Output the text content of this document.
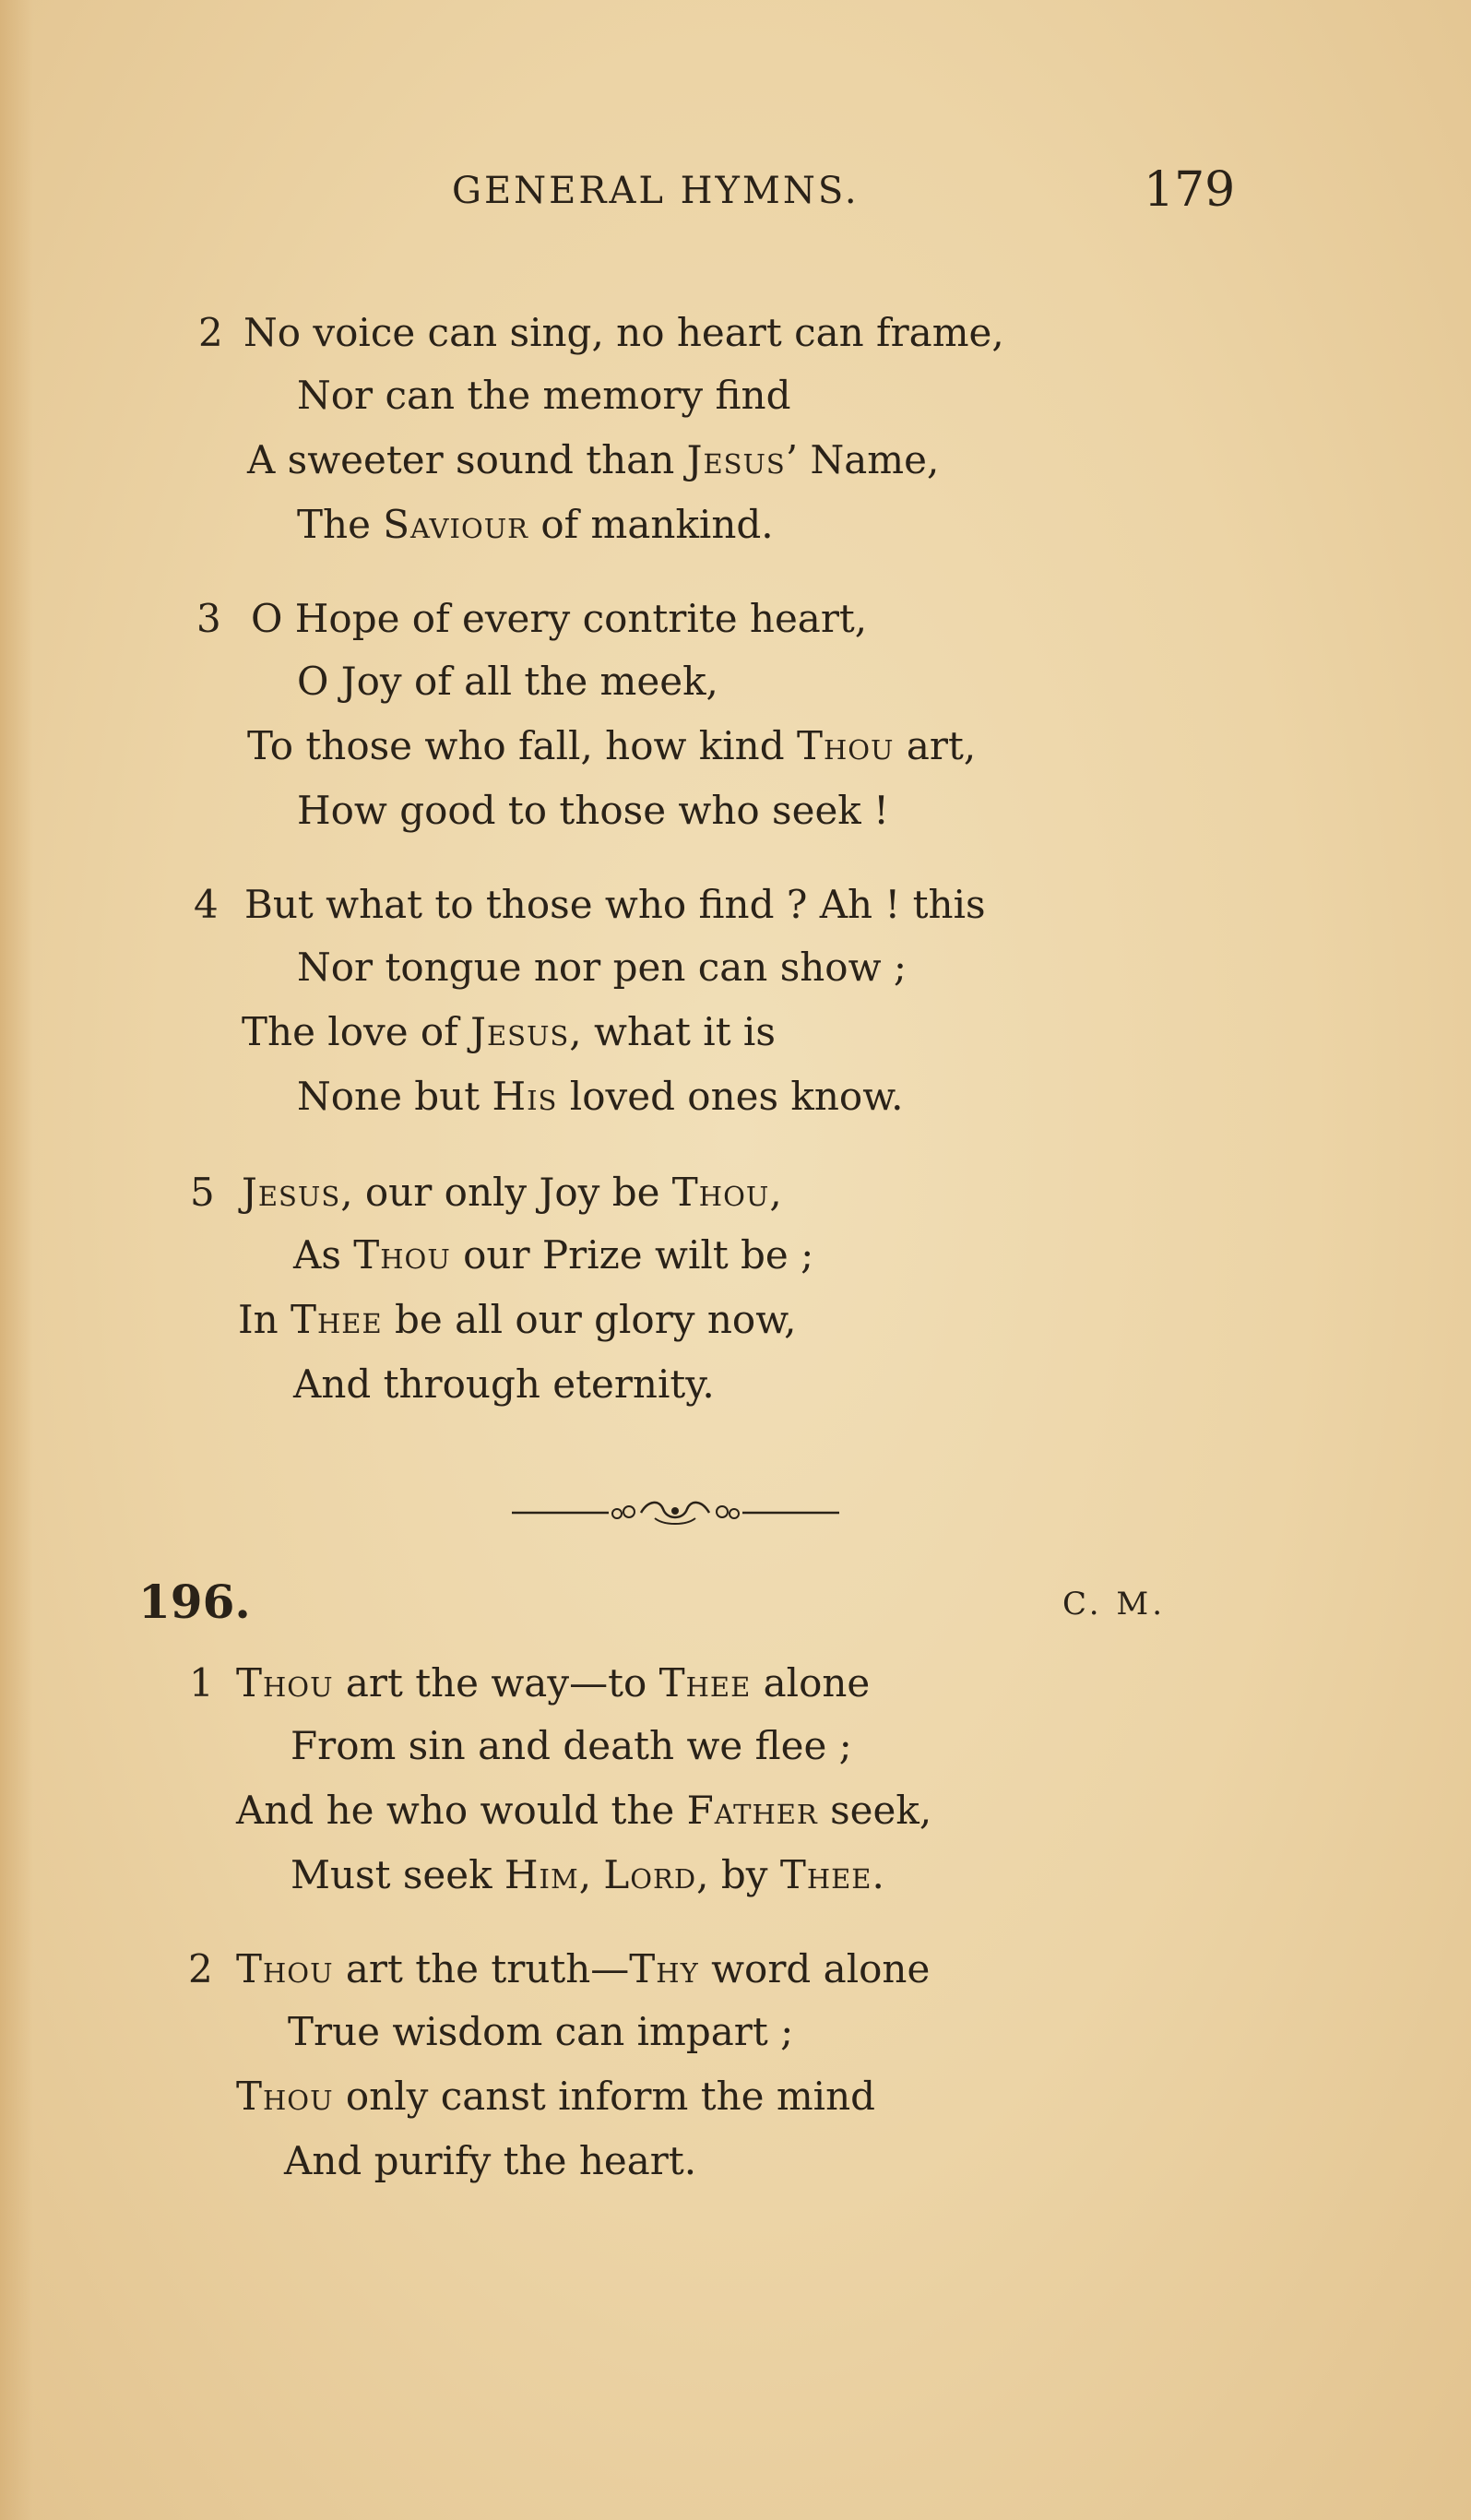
GENERAL HYMNS.	179
2 No voice can sing, no heart can frame,
Nor can the memory find
A sweeter sound than Jesus’ Name,
The Saviour of mankind.
3 O Hope of every contrite heart,
O Joy of all the meek,
To those who fall, how kind Thou art,
How good to those who seek !
4 But what to those who find ? Ah ! this
Nor tongue nor pen can show ;
The love of Jesus, what it is
None but His loved ones know.
5 Jesus, our only Joy be Thou,
As Thou our Prize wilt be ;
In Thee be all our glory now,
And through eternity.
196.	C. M.
1 Thou art the way—to Thee alone
From sin and death we flee ;
And he who would the Father seek,
Must seek Him, Lord, by Thee.
2 Thou art the truth—Thy word alone
True wisdom can impart ;
Thou only canst inform the mind
And purify the heart.
